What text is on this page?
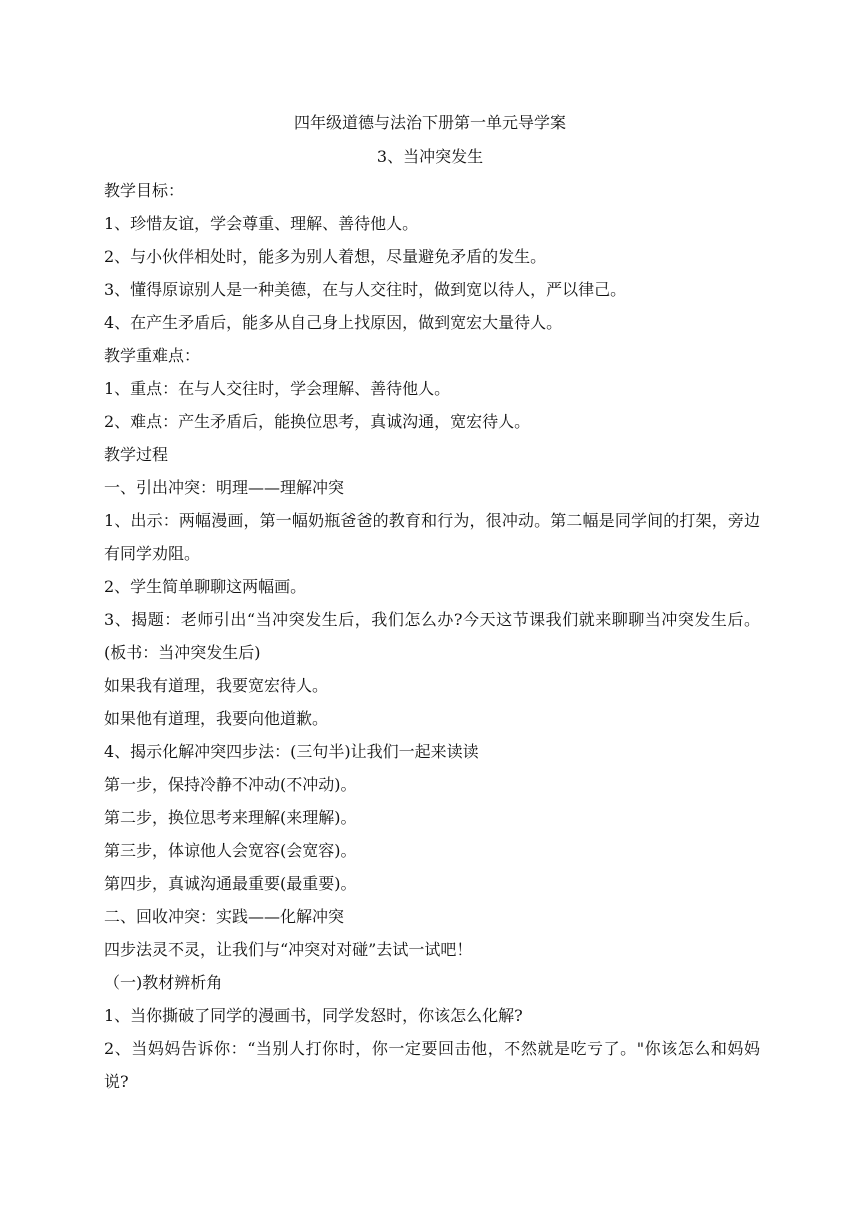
四年级道德与法治下册第一单元导学案
3、当冲突发生

教学目标：

1、珍惜友谊，学会尊重、理解、善待他人。

2、与小伙伴相处时，能多为别人着想，尽量避免矛盾的发生。

3、懂得原谅别人是一种美德，在与人交往时，做到宽以待人，严以律己。

4、在产生矛盾后，能多从自己身上找原因，做到宽宏大量待人。

教学重难点：

1、重点：在与人交往时，学会理解、善待他人。

2、难点：产生矛盾后，能换位思考，真诚沟通，宽宏待人。

教学过程

一、引出冲突：明理——理解冲突

1、出示：两幅漫画，第一幅奶瓶爸爸的教育和行为，很冲动。第二幅是同学间的打架，旁边有同学劝阻。

2、学生简单聊聊这两幅画。

3、揭题：老师引出“当冲突发生后，我们怎么办?今天这节课我们就来聊聊当冲突发生后。(板书：当冲突发生后)

如果我有道理，我要宽宏待人。

如果他有道理，我要向他道歉。

4、揭示化解冲突四步法：(三句半)让我们一起来读读

第一步，保持冷静不冲动(不冲动)。

第二步，换位思考来理解(来理解)。

第三步，体谅他人会宽容(会宽容)。

第四步，真诚沟通最重要(最重要)。

二、回收冲突：实践——化解冲突

四步法灵不灵，让我们与“冲突对对碰”去试一试吧！

（一)教材辨析角

1、当你撕破了同学的漫画书，同学发怒时，你该怎么化解?

2、当妈妈告诉你：“当别人打你时，你一定要回击他，不然就是吃亏了。"你该怎么和妈妈说?
